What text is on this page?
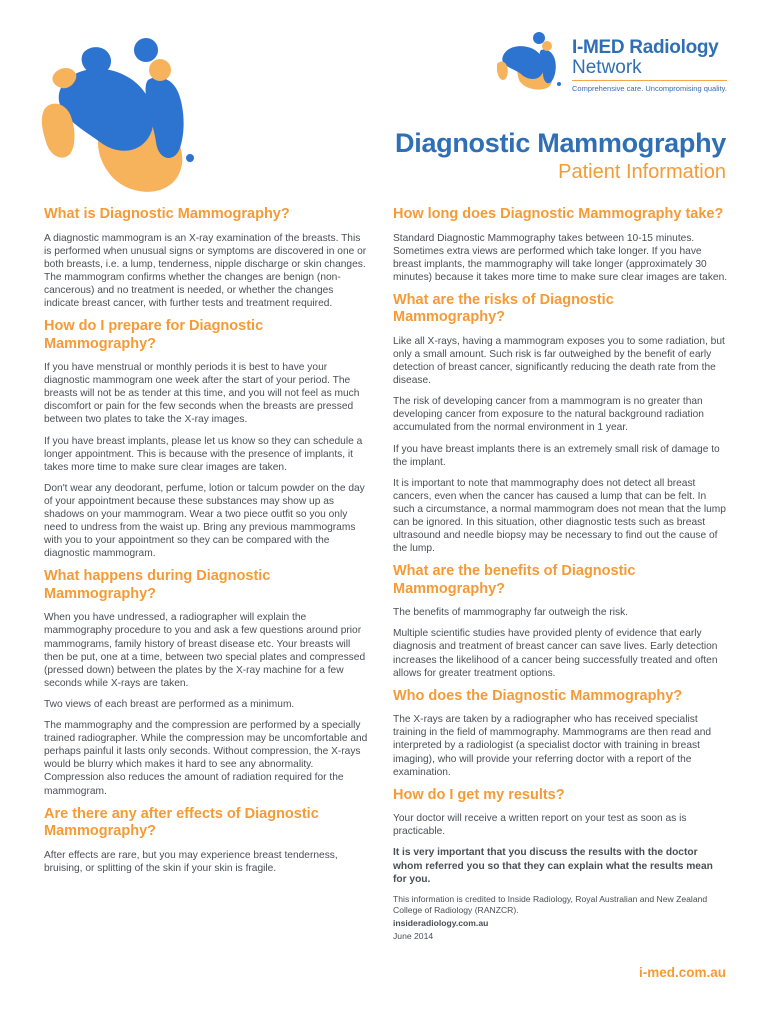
I-MED Radiology
Network
Comprehensive care. Uncompromising quality.
Diagnostic Mammography
Patient Information
What is Diagnostic Mammography?

A diagnostic mammogram is an X-ray examination of the breasts. This is performed when unusual signs or symptoms are discovered in one or both breasts, i.e. a lump, tenderness, nipple discharge or skin changes. The mammogram confirms whether the changes are benign (non-cancerous) and no treatment is needed, or whether the changes indicate breast cancer, with further tests and treatment required.

How do I prepare for Diagnostic Mammography?

If you have menstrual or monthly periods it is best to have your diagnostic mammogram one week after the start of your period. The breasts will not be as tender at this time, and you will not feel as much discomfort or pain for the few seconds when the breasts are pressed between two plates to take the X-ray images.

If you have breast implants, please let us know so they can schedule a longer appointment. This is because with the presence of implants, it takes more time to make sure clear images are taken.

Don't wear any deodorant, perfume, lotion or talcum powder on the day of your appointment because these substances may show up as shadows on your mammogram. Wear a two piece outfit so you only need to undress from the waist up. Bring any previous mammograms with you to your appointment so they can be compared with the diagnostic mammogram.

What happens during Diagnostic Mammography?

When you have undressed, a radiographer will explain the mammography procedure to you and ask a few questions around prior mammograms, family history of breast disease etc. Your breasts will then be put, one at a time, between two special plates and compressed (pressed down) between the plates by the X-ray machine for a few seconds while X-rays are taken.

Two views of each breast are performed as a minimum.

The mammography and the compression are performed by a specially trained radiographer. While the compression may be uncomfortable and perhaps painful it lasts only seconds. Without compression, the X-rays would be blurry which makes it hard to see any abnormality. Compression also reduces the amount of radiation required for the mammogram.

Are there any after effects of Diagnostic Mammography?

After effects are rare, but you may experience breast tenderness, bruising, or splitting of the skin if your skin is fragile.

How long does Diagnostic Mammography take?

Standard Diagnostic Mammography takes between 10-15 minutes. Sometimes extra views are performed which take longer. If you have breast implants, the mammography will take longer (approximately 30 minutes) because it takes more time to make sure clear images are taken.

What are the risks of Diagnostic Mammography?

Like all X-rays, having a mammogram exposes you to some radiation, but only a small amount. Such risk is far outweighed by the benefit of early detection of breast cancer, significantly reducing the death rate from the disease.

The risk of developing cancer from a mammogram is no greater than developing cancer from exposure to the natural background radiation accumulated from the normal environment in 1 year.

If you have breast implants there is an extremely small risk of damage to the implant.

It is important to note that mammography does not detect all breast cancers, even when the cancer has caused a lump that can be felt. In such a circumstance, a normal mammogram does not mean that the lump can be ignored. In this situation, other diagnostic tests such as breast ultrasound and needle biopsy may be necessary to find out the cause of the lump.

What are the benefits of Diagnostic Mammography?

The benefits of mammography far outweigh the risk.

Multiple scientific studies have provided plenty of evidence that early diagnosis and treatment of breast cancer can save lives. Early detection increases the likelihood of a cancer being successfully treated and often allows for greater treatment options.

Who does the Diagnostic Mammography?

The X-rays are taken by a radiographer who has received specialist training in the field of mammography. Mammograms are then read and interpreted by a radiologist (a specialist doctor with training in breast imaging), who will provide your referring doctor with a report of the examination.

How do I get my results?

Your doctor will receive a written report on your test as soon as is practicable.

It is very important that you discuss the results with the doctor whom referred you so that they can explain what the results mean for you.

This information is credited to Inside Radiology, Royal Australian and New Zealand College of Radiology (RANZCR).

insideradiology.com.au

June 2014

i-med.com.au
